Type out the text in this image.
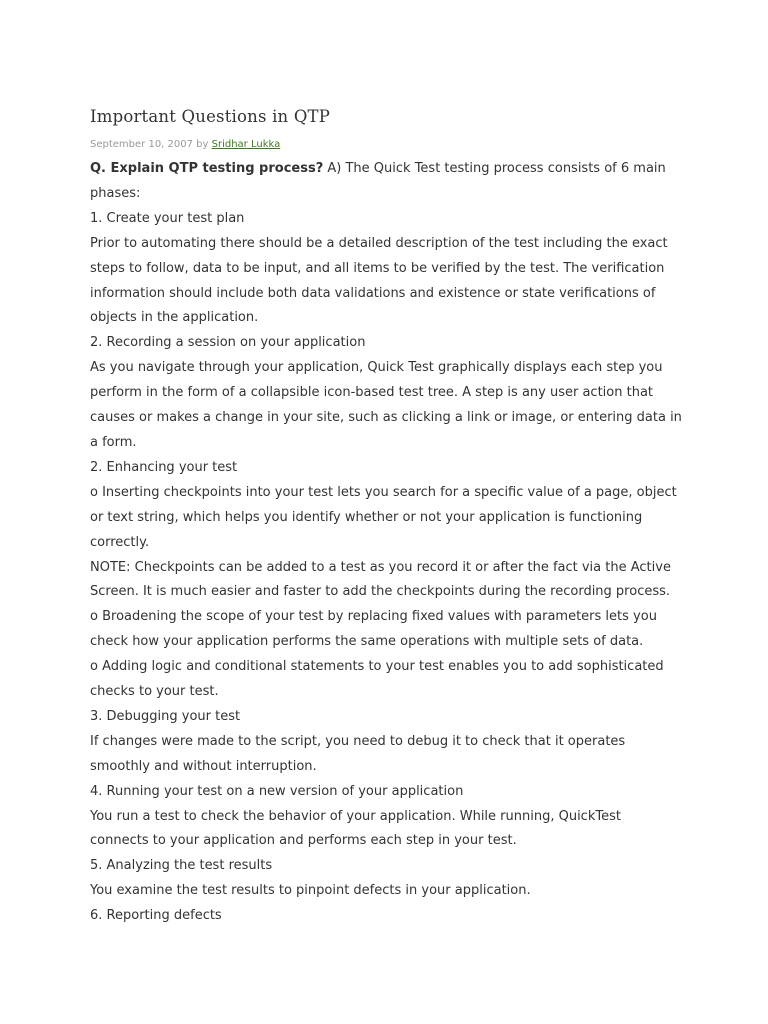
Important Questions in QTP
September 10, 2007 by Sridhar Lukka

Q. Explain QTP testing process? A) The Quick Test testing process consists of 6 main phases:

1. Create your test plan

Prior to automating there should be a detailed description of the test including the exact steps to follow, data to be input, and all items to be verified by the test. The verification information should include both data validations and existence or state verifications of objects in the application.

2. Recording a session on your application

As you navigate through your application, Quick Test graphically displays each step you perform in the form of a collapsible icon-based test tree. A step is any user action that causes or makes a change in your site, such as clicking a link or image, or entering data in a form.

2. Enhancing your test

o Inserting checkpoints into your test lets you search for a specific value of a page, object or text string, which helps you identify whether or not your application is functioning correctly.

NOTE: Checkpoints can be added to a test as you record it or after the fact via the Active Screen. It is much easier and faster to add the checkpoints during the recording process.

o Broadening the scope of your test by replacing fixed values with parameters lets you check how your application performs the same operations with multiple sets of data.

o Adding logic and conditional statements to your test enables you to add sophisticated checks to your test.

3. Debugging your test

If changes were made to the script, you need to debug it to check that it operates smoothly and without interruption.

4. Running your test on a new version of your application

You run a test to check the behavior of your application. While running, QuickTest connects to your application and performs each step in your test.

5. Analyzing the test results

You examine the test results to pinpoint defects in your application.

6. Reporting defects
